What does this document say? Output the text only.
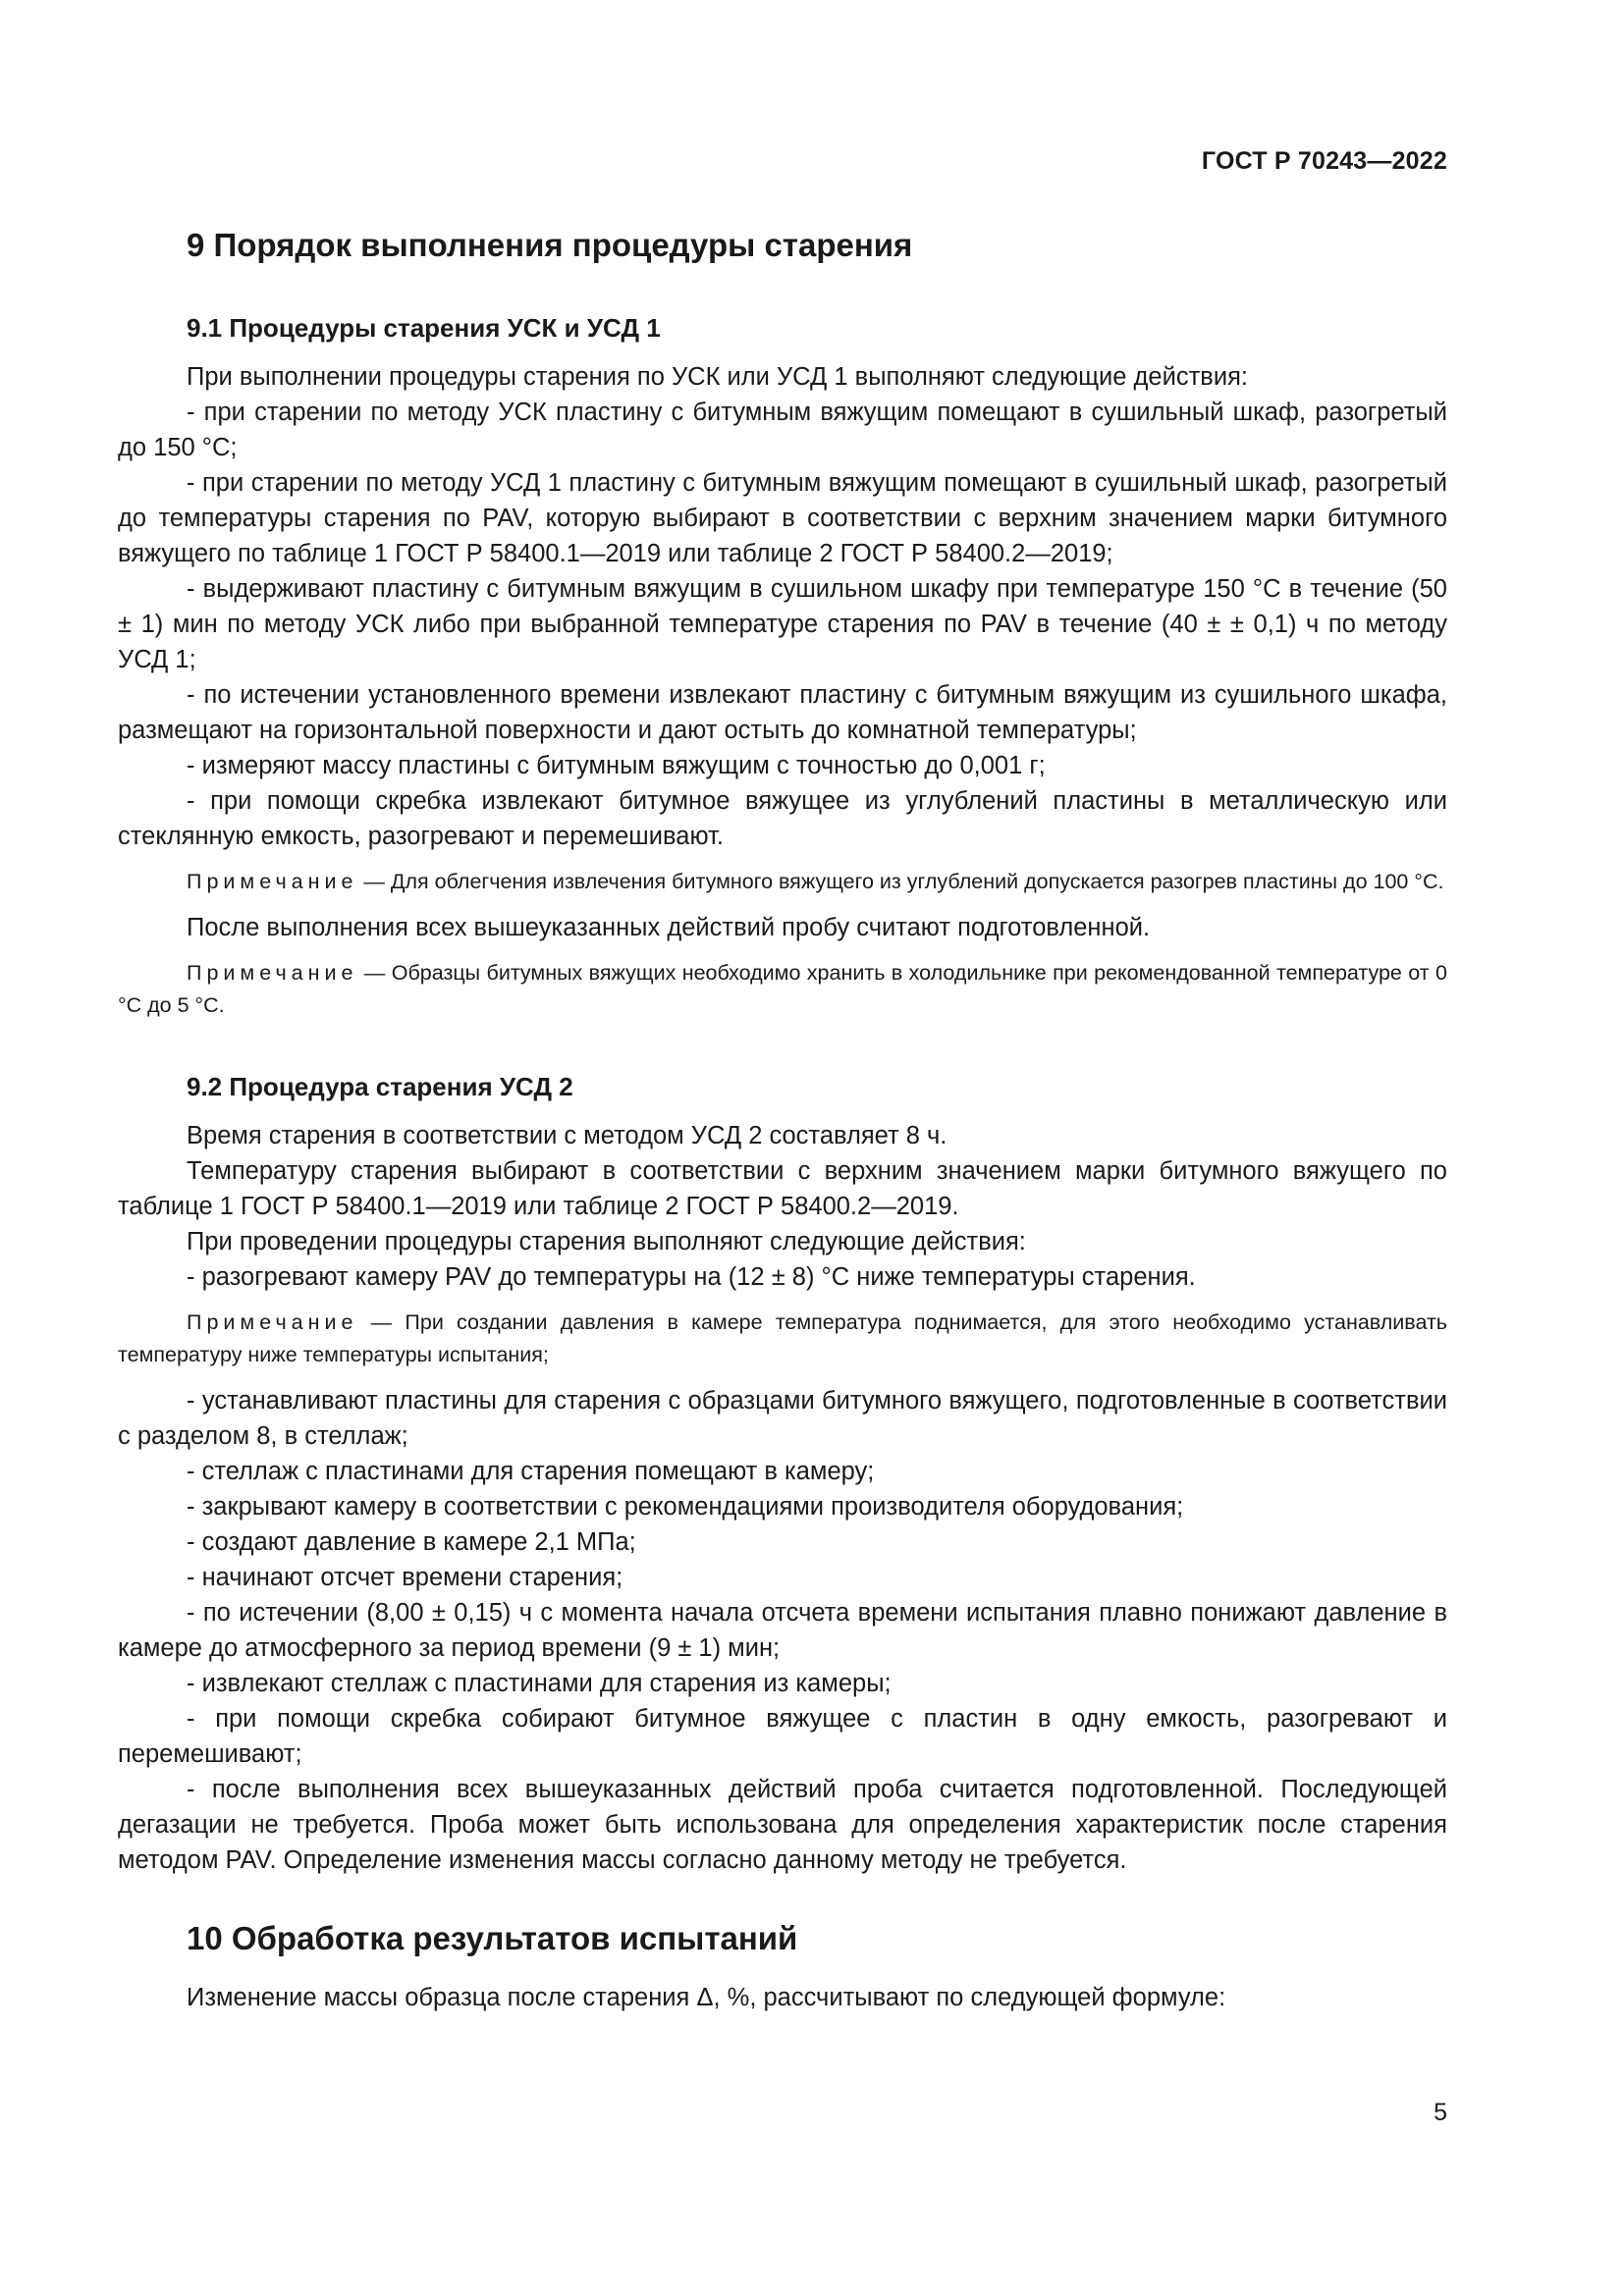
ГОСТ Р 70243—2022
9 Порядок выполнения процедуры старения
9.1 Процедуры старения УСК и УСД 1

При выполнении процедуры старения по УСК или УСД 1 выполняют следующие действия:

- при старении по методу УСК пластину с битумным вяжущим помещают в сушильный шкаф, разогретый до 150 °С;

- при старении по методу УСД 1 пластину с битумным вяжущим помещают в сушильный шкаф, разогретый до температуры старения по PAV, которую выбирают в соответствии с верхним значением марки битумного вяжущего по таблице 1 ГОСТ Р 58400.1—2019 или таблице 2 ГОСТ Р 58400.2—2019;

- выдерживают пластину с битумным вяжущим в сушильном шкафу при температуре 150 °С в течение (50 ± 1) мин по методу УСК либо при выбранной температуре старения по PAV в течение (40 ± ± 0,1) ч по методу УСД 1;

- по истечении установленного времени извлекают пластину с битумным вяжущим из сушильного шкафа, размещают на горизонтальной поверхности и дают остыть до комнатной температуры;

- измеряют массу пластины с битумным вяжущим с точностью до 0,001 г;

- при помощи скребка извлекают битумное вяжущее из углублений пластины в металлическую или стеклянную емкость, разогревают и перемешивают.

Примечание — Для облегчения извлечения битумного вяжущего из углублений допускается разогрев пластины до 100 °С.

После выполнения всех вышеуказанных действий пробу считают подготовленной.

Примечание — Образцы битумных вяжущих необходимо хранить в холодильнике при рекомендованной температуре от 0 °С до 5 °С.
9.2 Процедура старения УСД 2

Время старения в соответствии с методом УСД 2 составляет 8 ч.

Температуру старения выбирают в соответствии с верхним значением марки битумного вяжущего по таблице 1 ГОСТ Р 58400.1—2019 или таблице 2 ГОСТ Р 58400.2—2019.

При проведении процедуры старения выполняют следующие действия:

- разогревают камеру PAV до температуры на (12 ± 8) °С ниже температуры старения.

Примечание — При создании давления в камере температура поднимается, для этого необходимо устанавливать температуру ниже температуры испытания;

- устанавливают пластины для старения с образцами битумного вяжущего, подготовленные в соответствии с разделом 8, в стеллаж;

- стеллаж с пластинами для старения помещают в камеру;

- закрывают камеру в соответствии с рекомендациями производителя оборудования;

- создают давление в камере 2,1 МПа;

- начинают отсчет времени старения;

- по истечении (8,00 ± 0,15) ч с момента начала отсчета времени испытания плавно понижают давление в камере до атмосферного за период времени (9 ± 1) мин;

- извлекают стеллаж с пластинами для старения из камеры;

- при помощи скребка собирают битумное вяжущее с пластин в одну емкость, разогревают и перемешивают;

- после выполнения всех вышеуказанных действий проба считается подготовленной. Последующей дегазации не требуется. Проба может быть использована для определения характеристик после старения методом PAV. Определение изменения массы согласно данному методу не требуется.

10 Обработка результатов испытаний

Изменение массы образца после старения Δ, %, рассчитывают по следующей формуле:

5
